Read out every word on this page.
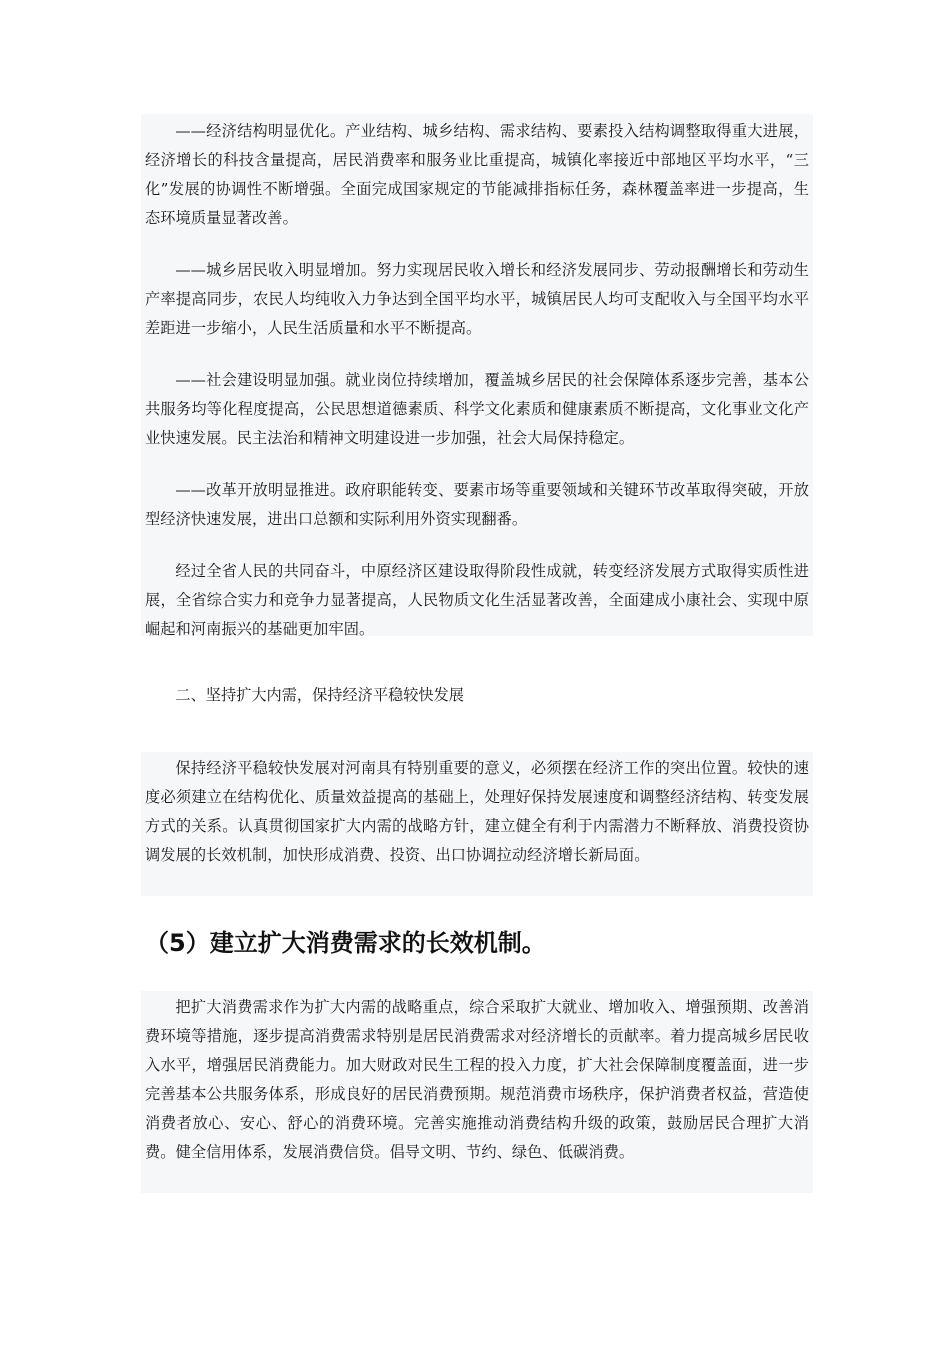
——经济结构明显优化。产业结构、城乡结构、需求结构、要素投入结构调整取得重大进展，经济增长的科技含量提高，居民消费率和服务业比重提高，城镇化率接近中部地区平均水平，“三化”发展的协调性不断增强。全面完成国家规定的节能减排指标任务，森林覆盖率进一步提高，生态环境质量显著改善。

——城乡居民收入明显增加。努力实现居民收入增长和经济发展同步、劳动报酬增长和劳动生产率提高同步，农民人均纯收入力争达到全国平均水平，城镇居民人均可支配收入与全国平均水平差距进一步缩小，人民生活质量和水平不断提高。

——社会建设明显加强。就业岗位持续增加，覆盖城乡居民的社会保障体系逐步完善，基本公共服务均等化程度提高，公民思想道德素质、科学文化素质和健康素质不断提高，文化事业文化产业快速发展。民主法治和精神文明建设进一步加强，社会大局保持稳定。

——改革开放明显推进。政府职能转变、要素市场等重要领域和关键环节改革取得突破，开放型经济快速发展，进出口总额和实际利用外资实现翻番。

经过全省人民的共同奋斗，中原经济区建设取得阶段性成就，转变经济发展方式取得实质性进展，全省综合实力和竞争力显著提高，人民物质文化生活显著改善，全面建成小康社会、实现中原崛起和河南振兴的基础更加牢固。

二、坚持扩大内需，保持经济平稳较快发展

保持经济平稳较快发展对河南具有特别重要的意义，必须摆在经济工作的突出位置。较快的速度必须建立在结构优化、质量效益提高的基础上，处理好保持发展速度和调整经济结构、转变发展方式的关系。认真贯彻国家扩大内需的战略方针，建立健全有利于内需潜力不断释放、消费投资协调发展的长效机制，加快形成消费、投资、出口协调拉动经济增长新局面。

（5）建立扩大消费需求的长效机制。

把扩大消费需求作为扩大内需的战略重点，综合采取扩大就业、增加收入、增强预期、改善消费环境等措施，逐步提高消费需求特别是居民消费需求对经济增长的贡献率。着力提高城乡居民收入水平，增强居民消费能力。加大财政对民生工程的投入力度，扩大社会保障制度覆盖面，进一步完善基本公共服务体系，形成良好的居民消费预期。规范消费市场秩序，保护消费者权益，营造使消费者放心、安心、舒心的消费环境。完善实施推动消费结构升级的政策，鼓励居民合理扩大消费。健全信用体系，发展消费信贷。倡导文明、节约、绿色、低碳消费。
